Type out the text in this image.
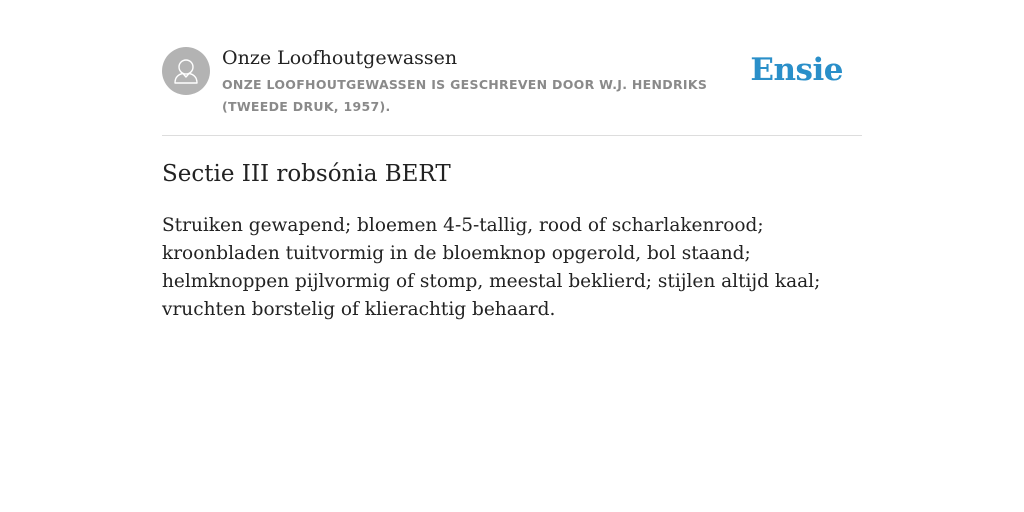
Onze Loofhoutgewassen
ONZE LOOFHOUTGEWASSEN IS GESCHREVEN DOOR W.J. HENDRIKS (TWEEDE DRUK, 1957).
Ensie
Sectie III robsónia BERT
Struiken gewapend; bloemen 4-5-tallig, rood of scharlakenrood; kroonbladen tuitvormig in de bloemknop opgerold, bol staand; helmknoppen pijlvormig of stomp, meestal beklierd; stijlen altijd kaal; vruchten borstelig of klierachtig behaard.
